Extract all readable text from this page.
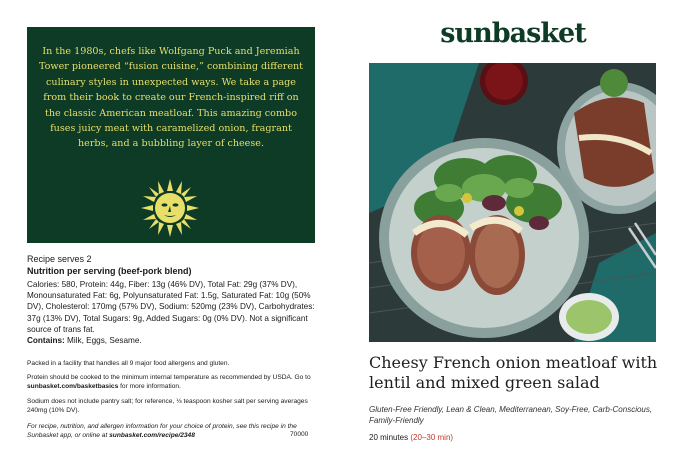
In the 1980s, chefs like Wolfgang Puck and Jeremiah Tower pioneered “fusion cuisine,” combining different culinary styles in unexpected ways. We take a page from their book to create our French-inspired riff on the classic American meatloaf. This amazing combo fuses juicy meat with caramelized onion, fragrant herbs, and a bubbling layer of cheese.
Recipe serves 2
Nutrition per serving (beef-pork blend)
Calories: 580, Protein: 44g, Fiber: 13g (46% DV), Total Fat: 29g (37% DV), Monounsaturated Fat: 6g, Polyunsaturated Fat: 1.5g, Saturated Fat: 10g (50% DV), Cholesterol: 170mg (57% DV), Sodium: 520mg (23% DV), Carbohydrates: 37g (13% DV), Total Sugars: 9g, Added Sugars: 0g (0% DV). Not a significant source of trans fat.
Contains: Milk, Eggs, Sesame.
Packed in a facility that handles all 9 major food allergens and gluten.
Protein should be cooked to the minimum internal temperature as recommended by USDA. Go to sunbasket.com/basketbasics for more information.
Sodium does not include pantry salt; for reference, ⅛ teaspoon kosher salt per serving averages 240mg (10% DV).
For recipe, nutrition, and allergen information for your choice of protein, see this recipe in the Sunbasket app, or online at sunbasket.com/recipe/2348	70000
sunbasket
Cheesy French onion meatloaf with lentil and mixed green salad
Gluten-Free Friendly, Lean & Clean, Mediterranean, Soy-Free, Carb-Conscious, Family-Friendly
20 minutes (20–30 min)
